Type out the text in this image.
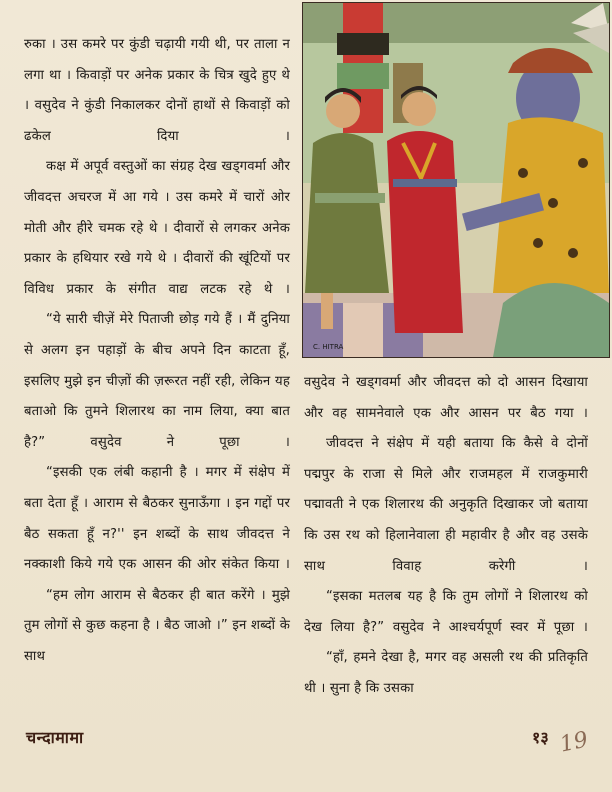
रुका । उस कमरे पर कुंडी चढ़ायी गयी थी, पर ताला न लगा था । किवाड़ों पर अनेक प्रकार के चित्र खुदे हुए थे । वसुदेव ने कुंडी निकालकर दोनों हाथों से किवाड़ों को ढकेल दिया ।

कक्ष में अपूर्व वस्तुओं का संग्रह देख खड्गवर्मा और जीवदत्त अचरज में आ गये । उस कमरे में चारों ओर मोती और हीरे चमक रहे थे । दीवारों से लगकर अनेक प्रकार के हथियार रखे गये थे । दीवारों की खूंटियों पर विविध प्रकार के संगीत वाद्य लटक रहे थे ।

“ये सारी चीज़ें मेरे पिताजी छोड़ गये हैं । मैं दुनिया से अलग इन पहाड़ों के बीच अपने दिन काटता हूँ, इसलिए मुझे इन चीज़ों की ज़रूरत नहीं रही, लेकिन यह बताओ कि तुमने शिलारथ का नाम लिया, क्या बात है?” वसुदेव ने पूछा ।

“इसकी एक लंबी कहानी है । मगर में संक्षेप में बता देता हूँ । आराम से बैठकर सुनाऊँगा । इन गद्दों पर बैठ सकता हूँ न?'' इन शब्दों के साथ जीवदत्त ने नक्काशी किये गये एक आसन की ओर संकेत किया ।

“हम लोग आराम से बैठकर ही बात करेंगे । मुझे तुम लोगों से कुछ कहना है । बैठ जाओ ।” इन शब्दों के साथ

C. HITRA

वसुदेव ने खड्गवर्मा और जीवदत्त को दो आसन दिखाया और वह सामनेवाले एक और आसन पर बैठ गया ।

जीवदत्त ने संक्षेप में यही बताया कि कैसे वे दोनों पद्मपुर के राजा से मिले और राजमहल में राजकुमारी पद्मावती ने एक शिलारथ की अनुकृति दिखाकर जो बताया कि उस रथ को हिलानेवाला ही महावीर है और वह उसके साथ विवाह करेगी ।

“इसका मतलब यह है कि तुम लोगों ने शिलारथ को देख लिया है?” वसुदेव ने आश्चर्यपूर्ण स्वर में पूछा ।

“हाँ, हमने देखा है, मगर वह असली रथ की प्रतिकृति थी । सुना है कि उसका

चन्दामामा	१३ 19
